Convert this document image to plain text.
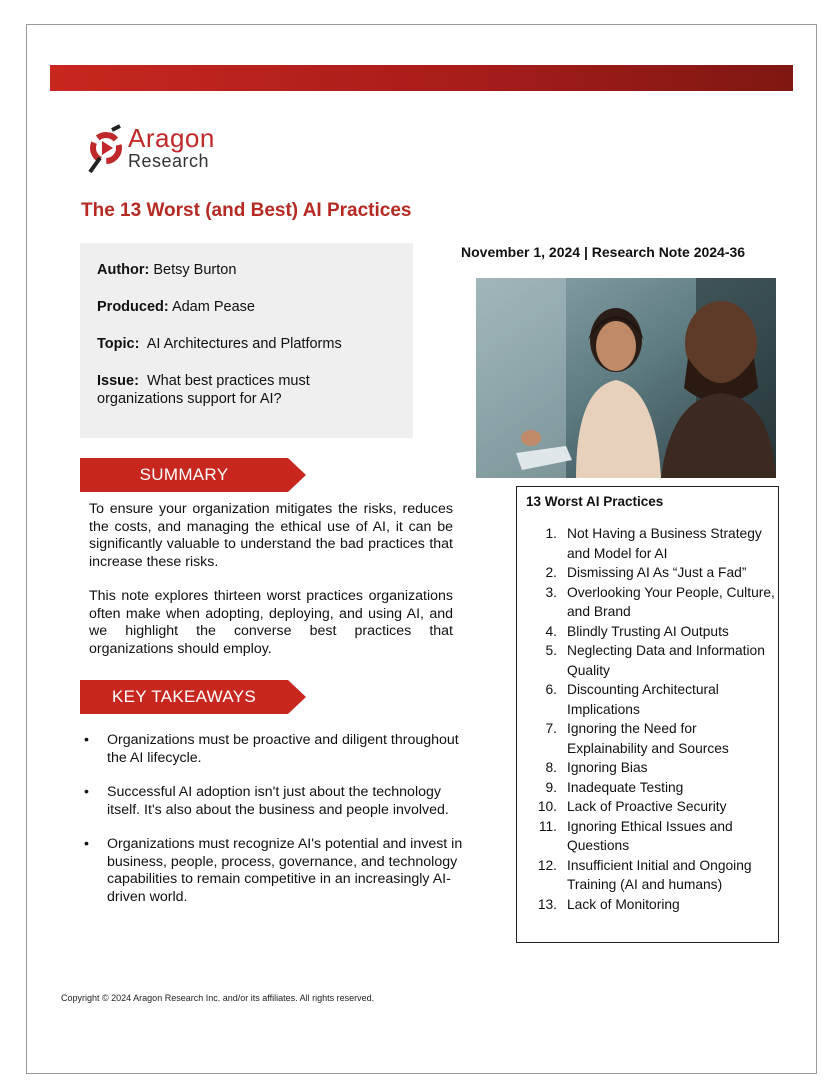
Aragon
Research
The 13 Worst (and Best) AI Practices
Author: Betsy Burton
Produced: Adam Pease
Topic: AI Architectures and Platforms
Issue: What best practices must organizations support for AI?
November 1, 2024 | Research Note 2024-36
SUMMARY

To ensure your organization mitigates the risks, reduces the costs, and managing the ethical use of AI, it can be significantly valuable to understand the bad practices that increase these risks.

This note explores thirteen worst practices organizations often make when adopting, deploying, and using AI, and we highlight the converse best practices that organizations should employ.

KEY TAKEAWAYS
• Organizations must be proactive and diligent throughout the AI lifecycle.
• Successful AI adoption isn't just about the technology itself. It's also about the business and people involved.
• Organizations must recognize AI's potential and invest in business, people, process, governance, and technology capabilities to remain competitive in an increasingly AI-driven world.
13 Worst AI Practices
1. Not Having a Business Strategy and Model for AI
2. Dismissing AI As “Just a Fad”
3. Overlooking Your People, Culture, and Brand
4. Blindly Trusting AI Outputs
5. Neglecting Data and Information Quality
6. Discounting Architectural Implications
7. Ignoring the Need for Explainability and Sources
8. Ignoring Bias
9. Inadequate Testing
10. Lack of Proactive Security
11. Ignoring Ethical Issues and Questions
12. Insufficient Initial and Ongoing Training (AI and humans)
13. Lack of Monitoring
Copyright © 2024 Aragon Research Inc. and/or its affiliates. All rights reserved.
